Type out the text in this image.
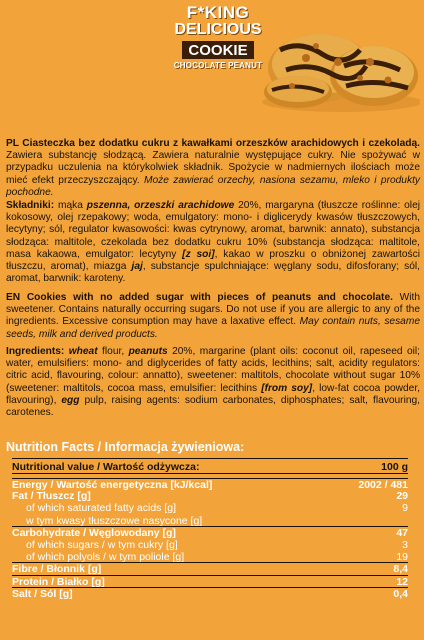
F*KING
DELICIOUS
COOKIE
CHOCOLATE PEANUT

PL Ciasteczka bez dodatku cukru z kawałkami orzeszków arachidowych i czekoladą. Zawiera substancję słodzącą. Zawiera naturalnie występujące cukry. Nie spożywać w przypadku uczulenia na którykolwiek składnik. Spożycie w nadmiernych ilościach może mieć efekt przeczyszczający. Może zawierać orzechy, nasiona sezamu, mleko i produkty pochodne.

Składniki: mąka pszenna, orzeszki arachidowe 20%, margaryna (tłuszcze roślinne: olej kokosowy, olej rzepakowy; woda, emulgatory: mono- i diglicerydy kwasów tłuszczowych, lecytyny; sól, regulator kwasowości: kwas cytrynowy, aromat, barwnik: annato), substancja słodząca: maltitole, czekolada bez dodatku cukru 10% (substancja słodząca: maltitole, masa kakaowa, emulgator: lecytyny [z soi], kakao w proszku o obniżonej zawartości tłuszczu, aromat), miazga jaj, substancje spulchniające: węglany sodu, difosforany; sól, aromat, barwnik: karoteny.

EN Cookies with no added sugar with pieces of peanuts and chocolate. With sweetener. Contains naturally occurring sugars. Do not use if you are allergic to any of the ingredients. Excessive consumption may have a laxative effect. May contain nuts, sesame seeds, milk and derived products.

Ingredients: wheat flour, peanuts 20%, margarine (plant oils: coconut oil, rapeseed oil; water, emulsifiers: mono- and diglycerides of fatty acids, lecithins; salt, acidity regulators: citric acid, flavouring, colour: annatto), sweetener: maltitols, chocolate without sugar 10% (sweetener: maltitols, cocoa mass, emulsifier: lecithins [from soy], low-fat cocoa powder, flavouring), egg pulp, raising agents: sodium carbonates, diphosphates; salt, flavouring, carotenes.

Nutrition Facts / Informacja żywieniowa:
Nutritional value / Wartość odżywcza:	100 g
Energy / Wartość energetyczna [kJ/kcal]	2002 / 481
Fat / Tłuszcz [g]	29
of which saturated fatty acids [g]	9
w tym kwasy tłuszczowe nasycone [g]
Carbohydrate / Węglowodany [g]	47
of which sugars / w tym cukry [g]	3
of which polyols / w tym poliole [g]	19
Fibre / Błonnik [g]	8,4
Protein / Białko [g]	12
Salt / Sól [g]	0,4
